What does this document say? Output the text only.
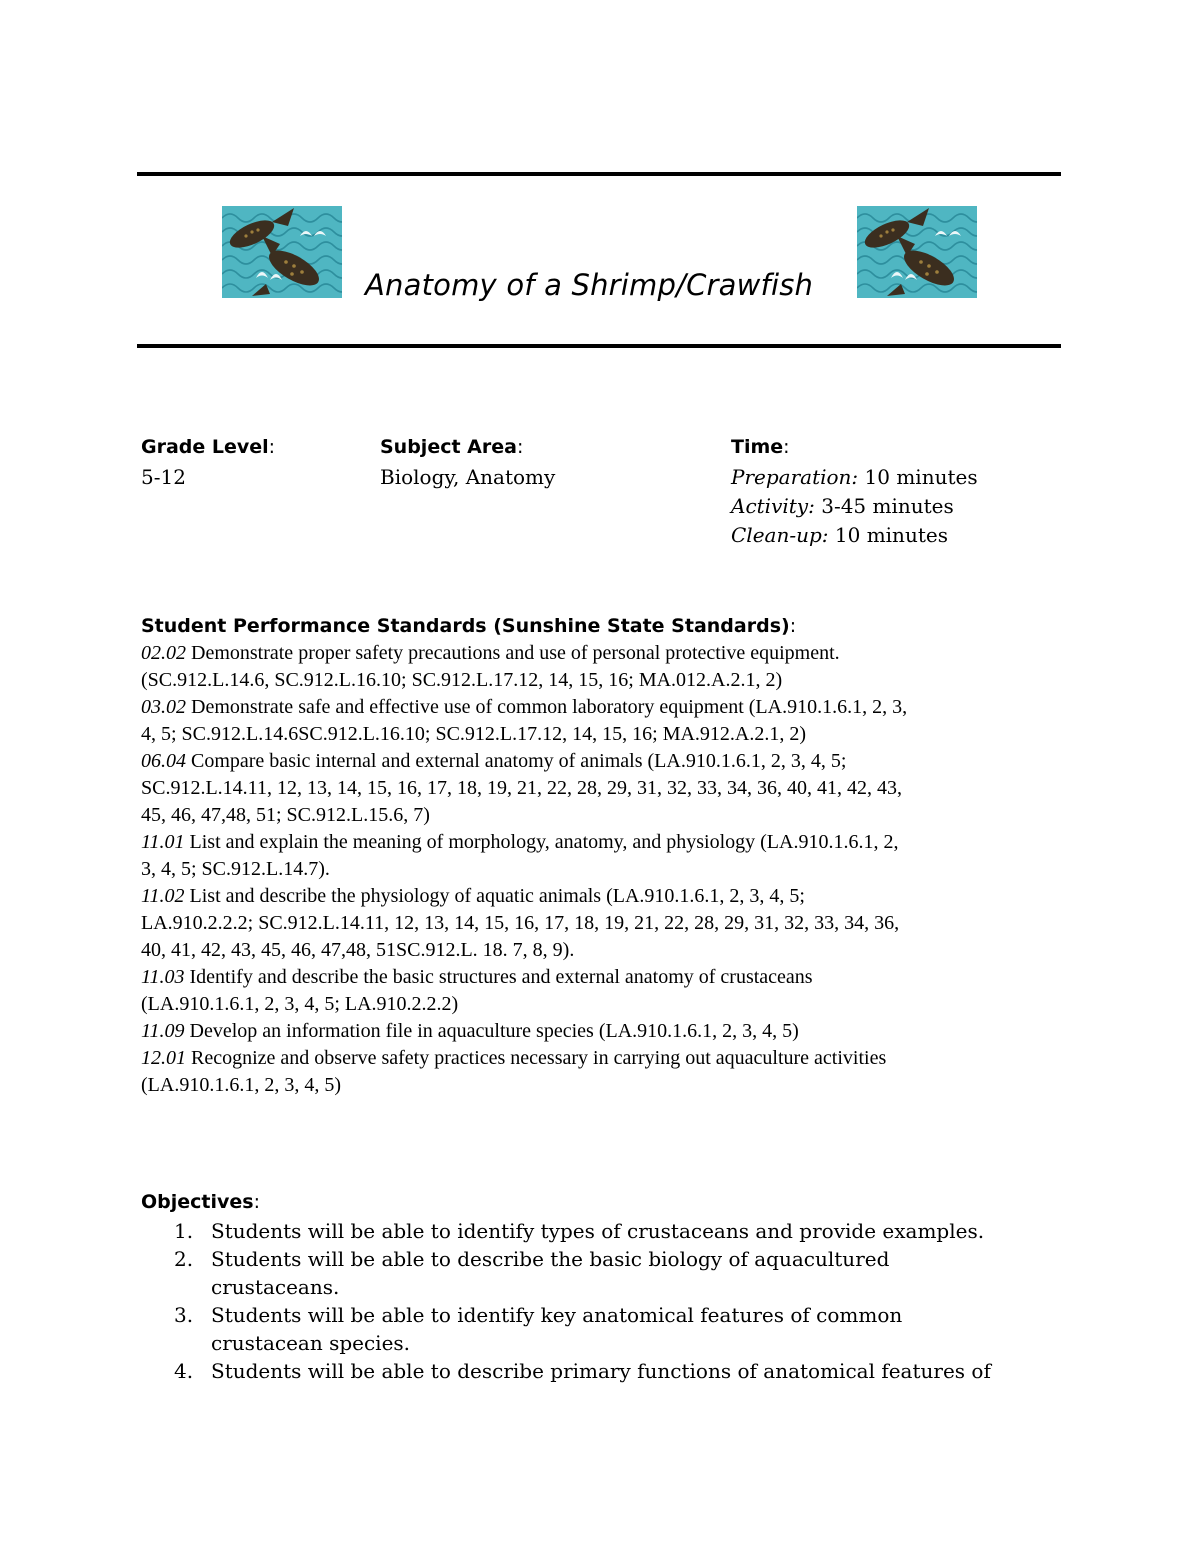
Anatomy of a Shrimp/Crawfish
Grade Level:
5-12
Subject Area:
Biology, Anatomy
Time:
Preparation: 10 minutes
Activity: 3-45 minutes
Clean-up: 10 minutes
Student Performance Standards (Sunshine State Standards):
02.02 Demonstrate proper safety precautions and use of personal protective equipment.
(SC.912.L.14.6, SC.912.L.16.10; SC.912.L.17.12, 14, 15, 16; MA.012.A.2.1, 2)
03.02 Demonstrate safe and effective use of common laboratory equipment (LA.910.1.6.1, 2, 3,
4, 5; SC.912.L.14.6SC.912.L.16.10; SC.912.L.17.12, 14, 15, 16; MA.912.A.2.1, 2)
06.04 Compare basic internal and external anatomy of animals (LA.910.1.6.1, 2, 3, 4, 5;
SC.912.L.14.11, 12, 13, 14, 15, 16, 17, 18, 19, 21, 22, 28, 29, 31, 32, 33, 34, 36, 40, 41, 42, 43,
45, 46, 47,48, 51; SC.912.L.15.6, 7)
11.01 List and explain the meaning of morphology, anatomy, and physiology (LA.910.1.6.1, 2,
3, 4, 5; SC.912.L.14.7).
11.02 List and describe the physiology of aquatic animals (LA.910.1.6.1, 2, 3, 4, 5;
LA.910.2.2.2; SC.912.L.14.11, 12, 13, 14, 15, 16, 17, 18, 19, 21, 22, 28, 29, 31, 32, 33, 34, 36,
40, 41, 42, 43, 45, 46, 47,48, 51SC.912.L. 18. 7, 8, 9).
11.03 Identify and describe the basic structures and external anatomy of crustaceans
(LA.910.1.6.1, 2, 3, 4, 5; LA.910.2.2.2)
11.09 Develop an information file in aquaculture species (LA.910.1.6.1, 2, 3, 4, 5)
12.01 Recognize and observe safety practices necessary in carrying out aquaculture activities
(LA.910.1.6.1, 2, 3, 4, 5)
Objectives:
1. Students will be able to identify types of crustaceans and provide examples.
2. Students will be able to describe the basic biology of aquacultured
crustaceans.
3. Students will be able to identify key anatomical features of common
crustacean species.
4. Students will be able to describe primary functions of anatomical features of
